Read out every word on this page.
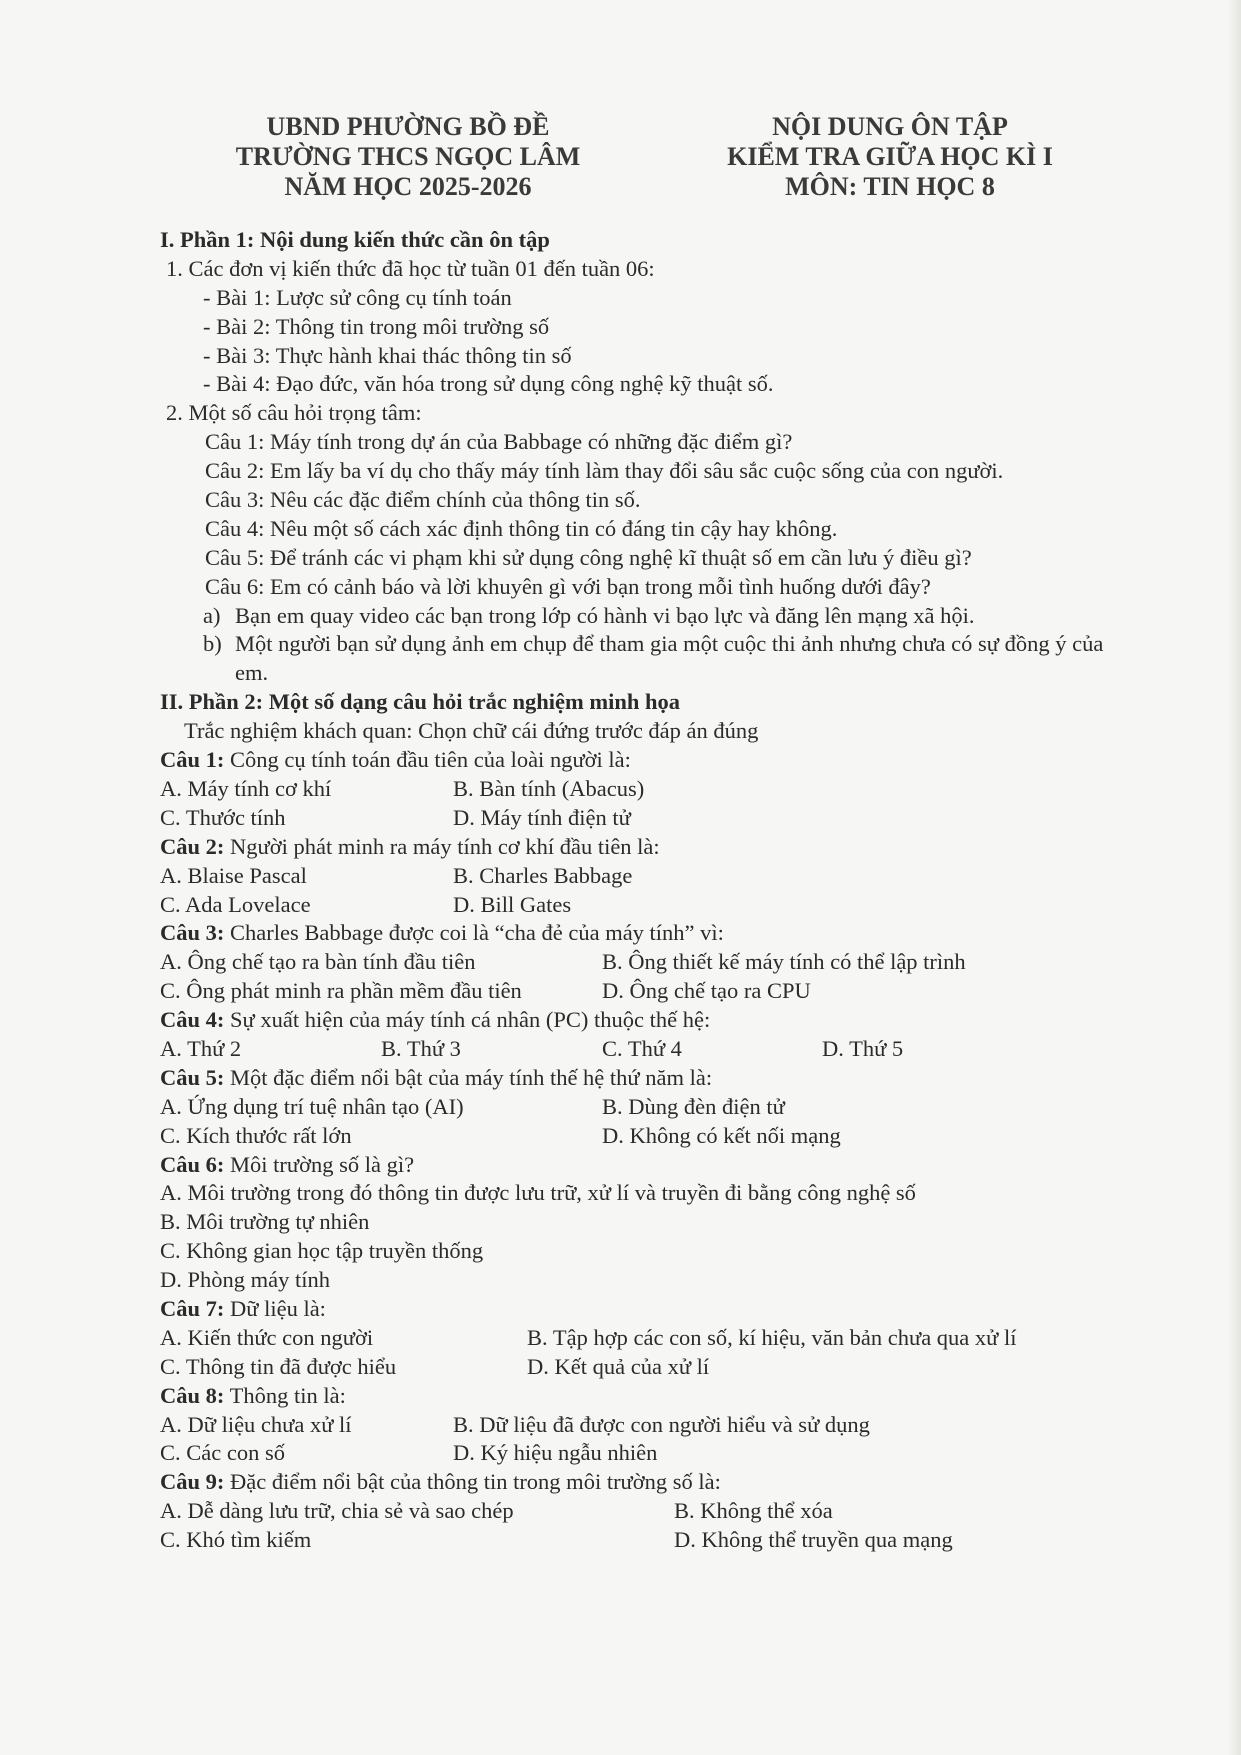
UBND PHƯỜNG BỒ ĐỀ
TRƯỜNG THCS NGỌC LÂM
NĂM HỌC 2025-2026
NỘI DUNG ÔN TẬP
KIỂM TRA GIỮA HỌC KÌ I
MÔN: TIN HỌC 8
I. Phần 1: Nội dung kiến thức cần ôn tập
1. Các đơn vị kiến thức đã học từ tuần 01 đến tuần 06:
- Bài 1: Lược sử công cụ tính toán
- Bài 2: Thông tin trong môi trường số
- Bài 3: Thực hành khai thác thông tin số
- Bài 4: Đạo đức, văn hóa trong sử dụng công nghệ kỹ thuật số.
2. Một số câu hỏi trọng tâm:
Câu 1: Máy tính trong dự án của Babbage có những đặc điểm gì?
Câu 2: Em lấy ba ví dụ cho thấy máy tính làm thay đổi sâu sắc cuộc sống của con người.
Câu 3: Nêu các đặc điểm chính của thông tin số.
Câu 4: Nêu một số cách xác định thông tin có đáng tin cậy hay không.
Câu 5: Để tránh các vi phạm khi sử dụng công nghệ kĩ thuật số em cần lưu ý điều gì?
Câu 6: Em có cảnh báo và lời khuyên gì với bạn trong mỗi tình huống dưới đây?
a) Bạn em quay video các bạn trong lớp có hành vi bạo lực và đăng lên mạng xã hội.
b) Một người bạn sử dụng ảnh em chụp để tham gia một cuộc thi ảnh nhưng chưa có sự đồng ý của em.
II. Phần 2: Một số dạng câu hỏi trắc nghiệm minh họa
Trắc nghiệm khách quan: Chọn chữ cái đứng trước đáp án đúng
Câu 1: Công cụ tính toán đầu tiên của loài người là:
A. Máy tính cơ khí	B. Bàn tính (Abacus)
C. Thước tính	D. Máy tính điện tử
Câu 2: Người phát minh ra máy tính cơ khí đầu tiên là:
A. Blaise Pascal	B. Charles Babbage
C. Ada Lovelace	D. Bill Gates
Câu 3: Charles Babbage được coi là “cha đẻ của máy tính” vì:
A. Ông chế tạo ra bàn tính đầu tiên	B. Ông thiết kế máy tính có thể lập trình
C. Ông phát minh ra phần mềm đầu tiên	D. Ông chế tạo ra CPU
Câu 4: Sự xuất hiện của máy tính cá nhân (PC) thuộc thế hệ:
A. Thứ 2	B. Thứ 3	C. Thứ 4	D. Thứ 5
Câu 5: Một đặc điểm nổi bật của máy tính thế hệ thứ năm là:
A. Ứng dụng trí tuệ nhân tạo (AI)	B. Dùng đèn điện tử
C. Kích thước rất lớn	D. Không có kết nối mạng
Câu 6: Môi trường số là gì?
A. Môi trường trong đó thông tin được lưu trữ, xử lí và truyền đi bằng công nghệ số
B. Môi trường tự nhiên
C. Không gian học tập truyền thống
D. Phòng máy tính
Câu 7: Dữ liệu là:
A. Kiến thức con người	B. Tập hợp các con số, kí hiệu, văn bản chưa qua xử lí
C. Thông tin đã được hiểu	D. Kết quả của xử lí
Câu 8: Thông tin là:
A. Dữ liệu chưa xử lí	B. Dữ liệu đã được con người hiểu và sử dụng
C. Các con số	D. Ký hiệu ngẫu nhiên
Câu 9: Đặc điểm nổi bật của thông tin trong môi trường số là:
A. Dễ dàng lưu trữ, chia sẻ và sao chép	B. Không thể xóa
C. Khó tìm kiếm	D. Không thể truyền qua mạng
